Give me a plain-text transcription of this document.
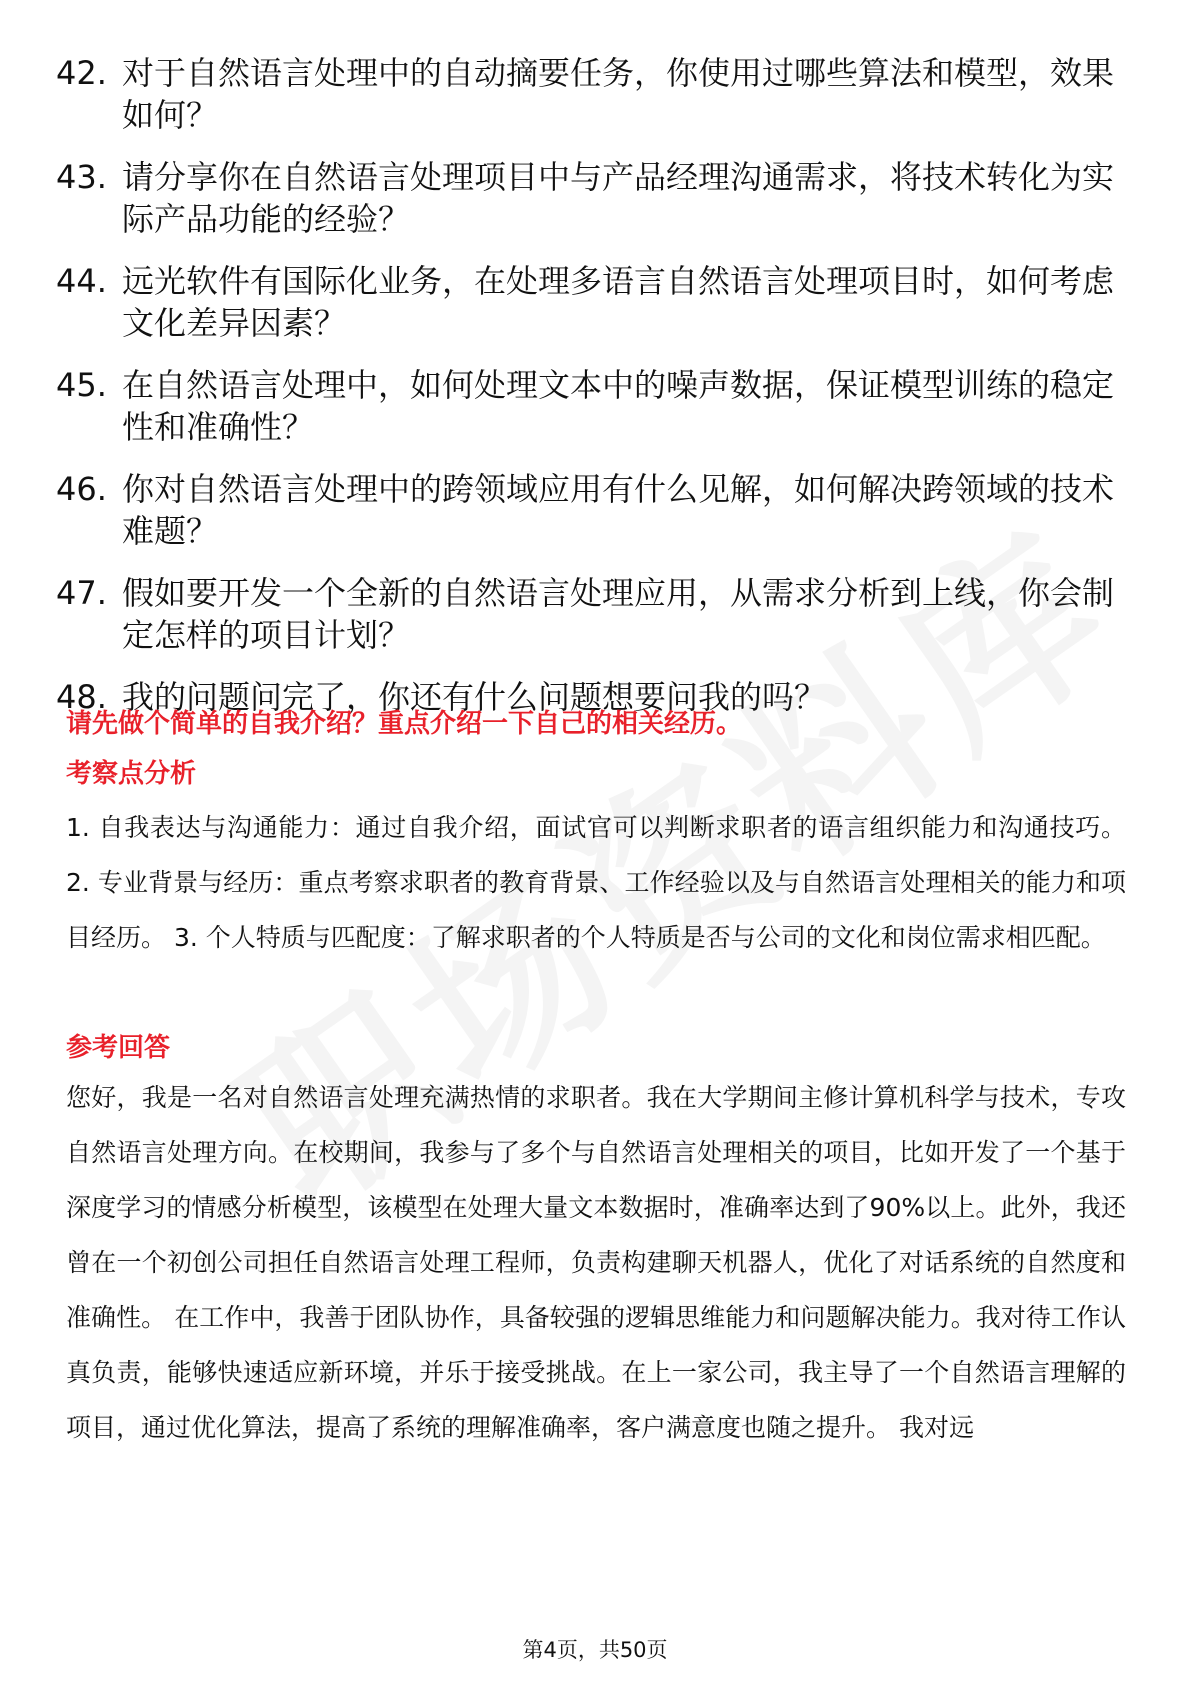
42. 对于自然语言处理中的自动摘要任务，你使用过哪些算法和模型，效果如何？
43. 请分享你在自然语言处理项目中与产品经理沟通需求，将技术转化为实际产品功能的经验？
44. 远光软件有国际化业务，在处理多语言自然语言处理项目时，如何考虑文化差异因素？
45. 在自然语言处理中，如何处理文本中的噪声数据，保证模型训练的稳定性和准确性？
46. 你对自然语言处理中的跨领域应用有什么见解，如何解决跨领域的技术难题？
47. 假如要开发一个全新的自然语言处理应用，从需求分析到上线，你会制定怎样的项目计划？
48. 我的问题问完了，你还有什么问题想要问我的吗？
请先做个简单的自我介绍？重点介绍一下自己的相关经历。
考察点分析
1. 自我表达与沟通能力：通过自我介绍，面试官可以判断求职者的语言组织能力和沟通技巧。 2. 专业背景与经历：重点考察求职者的教育背景、工作经验以及与自然语言处理相关的能力和项目经历。 3. 个人特质与匹配度：了解求职者的个人特质是否与公司的文化和岗位需求相匹配。
参考回答
您好，我是一名对自然语言处理充满热情的求职者。我在大学期间主修计算机科学与技术，专攻自然语言处理方向。在校期间，我参与了多个与自然语言处理相关的项目，比如开发了一个基于深度学习的情感分析模型，该模型在处理大量文本数据时，准确率达到了90%以上。此外，我还曾在一个初创公司担任自然语言处理工程师，负责构建聊天机器人，优化了对话系统的自然度和准确性。 在工作中，我善于团队协作，具备较强的逻辑思维能力和问题解决能力。我对待工作认真负责，能够快速适应新环境，并乐于接受挑战。在上一家公司，我主导了一个自然语言理解的项目，通过优化算法，提高了系统的理解准确率，客户满意度也随之提升。 我对远
第4页，共50页
